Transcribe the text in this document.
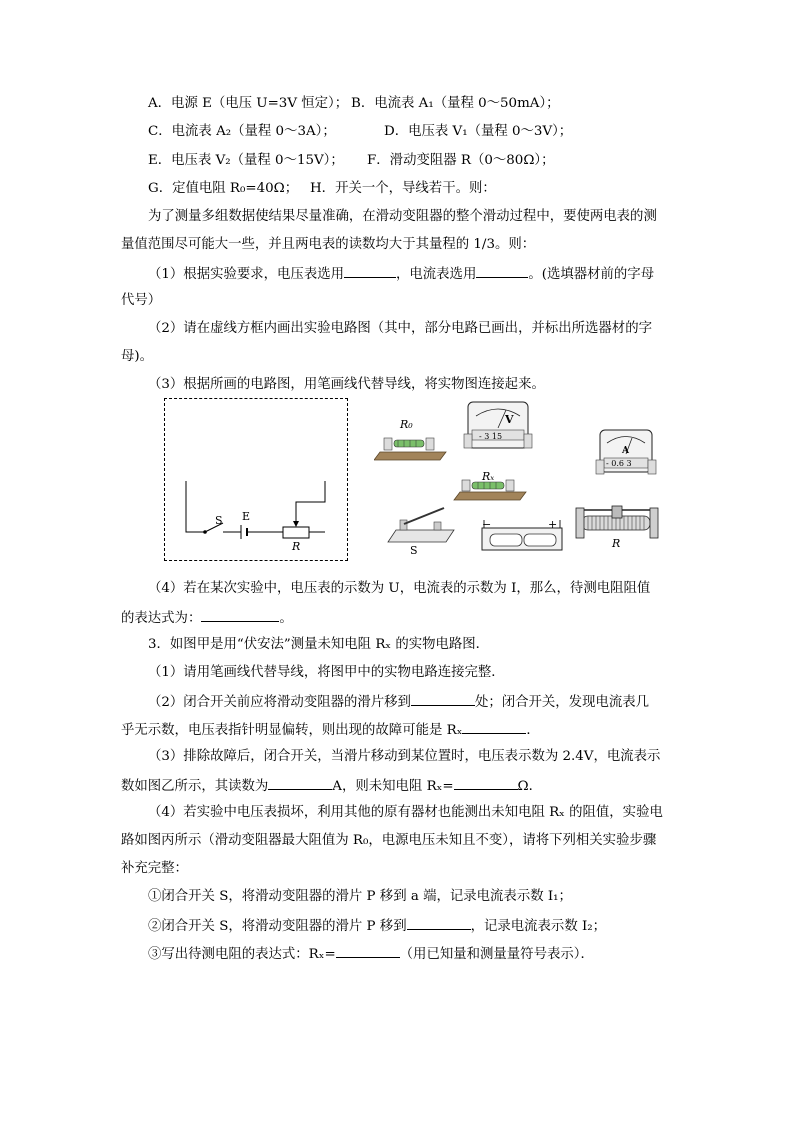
A．电源 E（电压 U=3V 恒定）； B．电流表 A₁（量程 0～50mA）；
C．电流表 A₂（量程 0～3A）；	D．电压表 V₁（量程 0～3V）；
E．电压表 V₂（量程 0～15V）； F．滑动变阻器 R（0～80Ω）；
G．定值电阻 R₀=40Ω； H．开关一个，导线若干。则：
为了测量多组数据使结果尽量准确，在滑动变阻器的整个滑动过程中，要使两电表的测
量值范围尽可能大一些，并且两电表的读数均大于其量程的 1/3。则：
（1）根据实验要求，电压表选用	，电流表选用	。(选填器材前的字母
代号）
（2）请在虚线方框内画出实验电路图（其中，部分电路已画出，并标出所选器材的字
母)。
（3）根据所画的电路图，用笔画线代替导线，将实物图连接起来。
S E
R
R₀	V
- 3 15
A
- 0.6 3
Rₓ
S
−	+
R
（4）若在某次实验中，电压表的示数为 U，电流表的示数为 I，那么，待测电阻阻值
的表达式为：	。
3．如图甲是用“伏安法”测量未知电阻 Rₓ 的实物电路图．
（1）请用笔画线代替导线，将图甲中的实物电路连接完整．
（2）闭合开关前应将滑动变阻器的滑片移到	处；闭合开关，发现电流表几
乎无示数，电压表指针明显偏转，则出现的故障可能是 Rₓ	．
（3）排除故障后，闭合开关，当滑片移动到某位置时，电压表示数为 2.4V，电流表示
数如图乙所示，其读数为	A，则未知电阻 Rₓ=	Ω．
（4）若实验中电压表损坏，利用其他的原有器材也能测出未知电阻 Rₓ 的阻值，实验电
路如图丙所示（滑动变阻器最大阻值为 R₀，电源电压未知且不变），请将下列相关实验步骤
补充完整：
①闭合开关 S，将滑动变阻器的滑片 P 移到 a 端，记录电流表示数 I₁；
②闭合开关 S，将滑动变阻器的滑片 P 移到	，记录电流表示数 I₂；
③写出待测电阻的表达式：Rₓ=	（用已知量和测量量符号表示）．
